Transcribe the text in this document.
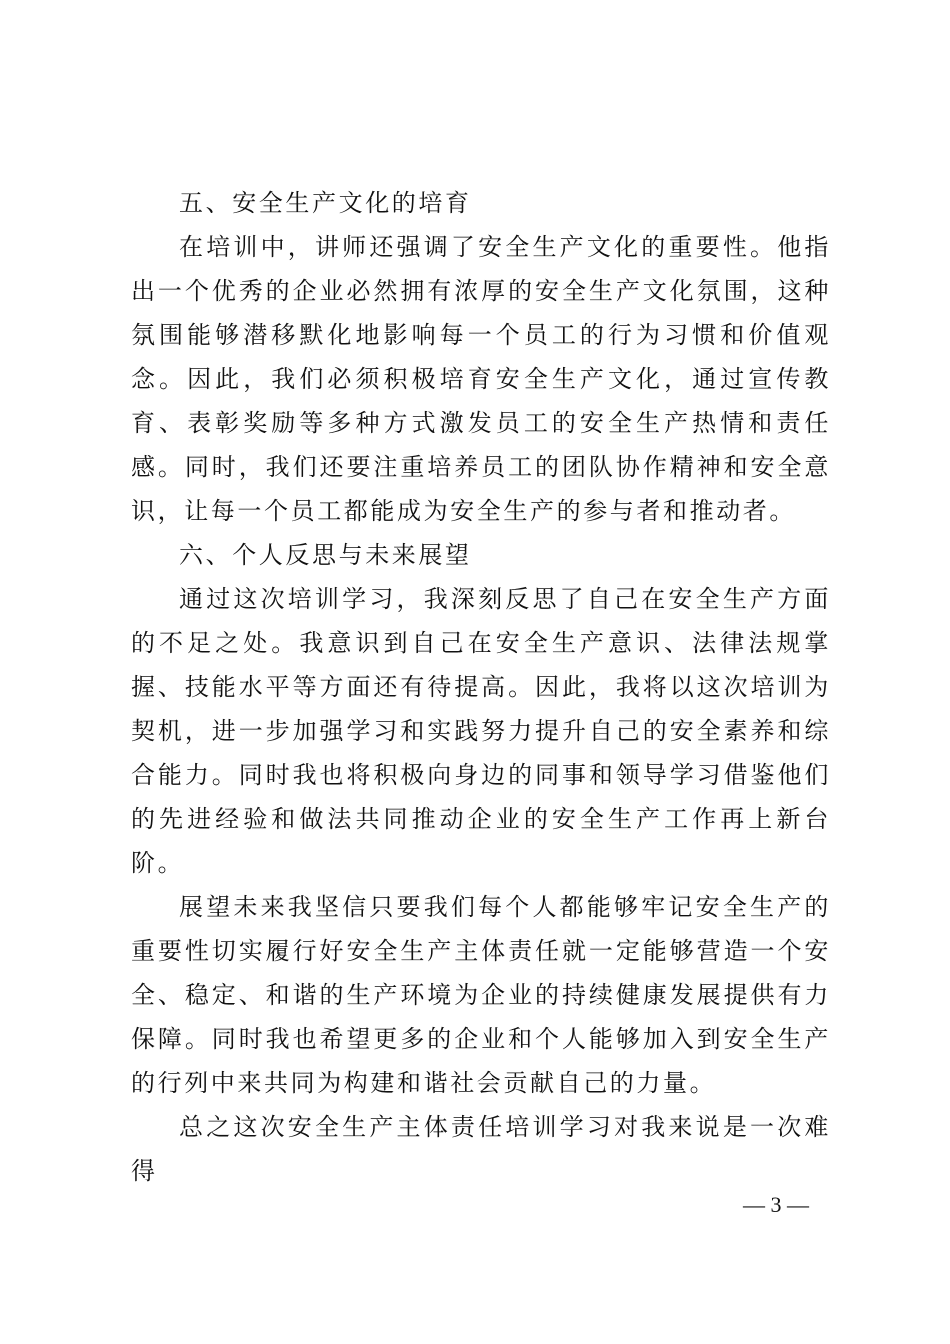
五、安全生产文化的培育

在培训中，讲师还强调了安全生产文化的重要性。他指出一个优秀的企业必然拥有浓厚的安全生产文化氛围，这种氛围能够潜移默化地影响每一个员工的行为习惯和价值观念。因此，我们必须积极培育安全生产文化，通过宣传教育、表彰奖励等多种方式激发员工的安全生产热情和责任感。同时，我们还要注重培养员工的团队协作精神和安全意识，让每一个员工都能成为安全生产的参与者和推动者。

六、个人反思与未来展望

通过这次培训学习，我深刻反思了自己在安全生产方面的不足之处。我意识到自己在安全生产意识、法律法规掌握、技能水平等方面还有待提高。因此，我将以这次培训为契机，进一步加强学习和实践努力提升自己的安全素养和综合能力。同时我也将积极向身边的同事和领导学习借鉴他们的先进经验和做法共同推动企业的安全生产工作再上新台阶。

展望未来我坚信只要我们每个人都能够牢记安全生产的重要性切实履行好安全生产主体责任就一定能够营造一个安全、稳定、和谐的生产环境为企业的持续健康发展提供有力保障。同时我也希望更多的企业和个人能够加入到安全生产的行列中来共同为构建和谐社会贡献自己的力量。

总之这次安全生产主体责任培训学习对我来说是一次难得

— 3 —
